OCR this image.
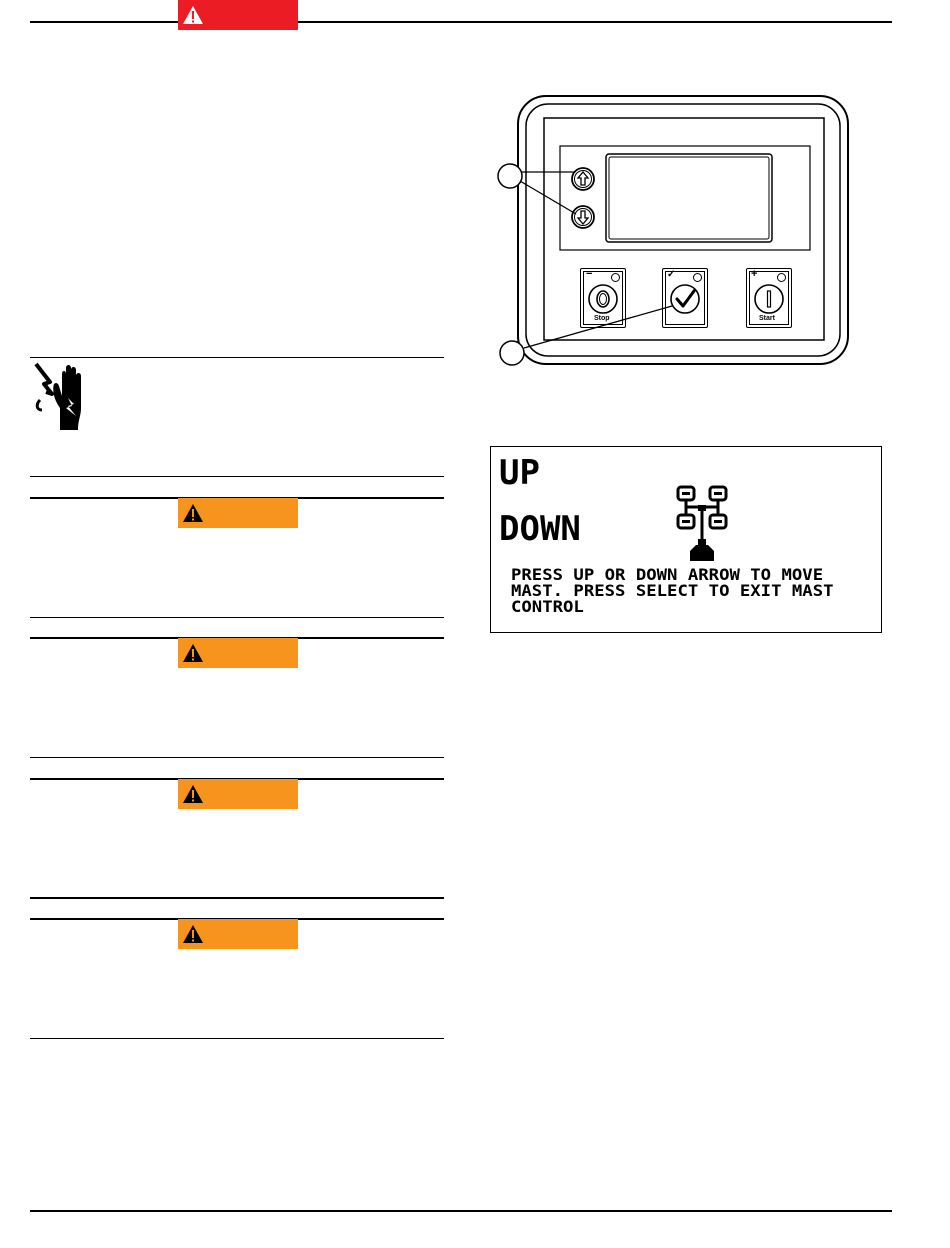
−
Stop
✓	+
Start
UP
DOWN
PRESS UP OR DOWN ARROW TO MOVE
MAST. PRESS SELECT TO EXIT MAST
CONTROL
